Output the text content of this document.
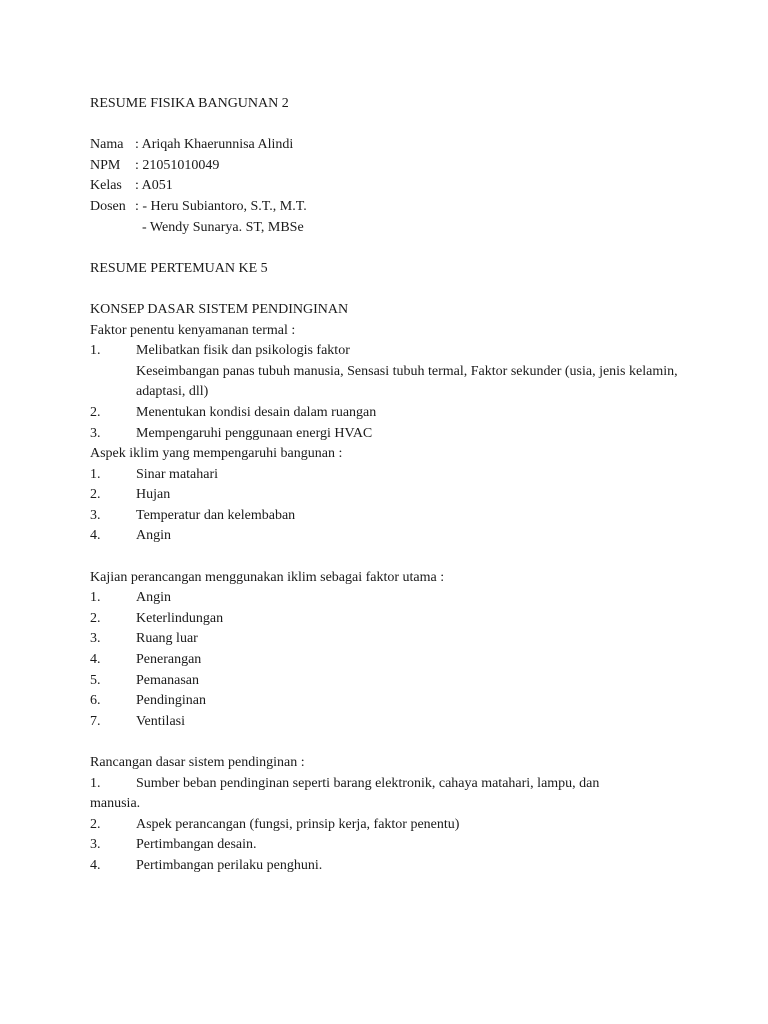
RESUME FISIKA BANGUNAN 2

Nama : Ariqah Khaerunnisa Alindi
NPM	: 21051010049
Kelas : A051
Dosen : - Heru Subiantoro, S.T., M.T.

- Wendy Sunarya. ST, MBSe

RESUME PERTEMUAN KE 5

KONSEP DASAR SISTEM PENDINGINAN

Faktor penentu kenyamanan termal :

1.	Melibatkan fisik dan psikologis faktor
Keseimbangan panas tubuh manusia, Sensasi tubuh termal, Faktor sekunder (usia, jenis kelamin, adaptasi, dll)
2.	Menentukan kondisi desain dalam ruangan
3.	Mempengaruhi penggunaan energi HVAC

Aspek iklim yang mempengaruhi bangunan :

1.	Sinar matahari
2.	Hujan
3.	Temperatur dan kelembaban
4.	Angin

Kajian perancangan menggunakan iklim sebagai faktor utama :

1.	Angin
2.	Keterlindungan
3.	Ruang luar
4.	Penerangan
5.	Pemanasan
6.	Pendinginan
7.	Ventilasi

Rancangan dasar sistem pendinginan :

1.	Sumber beban pendinginan seperti barang elektronik, cahaya matahari, lampu, dan

manusia.

2.	Aspek perancangan (fungsi, prinsip kerja, faktor penentu)
3.	Pertimbangan desain.
4.	Pertimbangan perilaku penghuni.
